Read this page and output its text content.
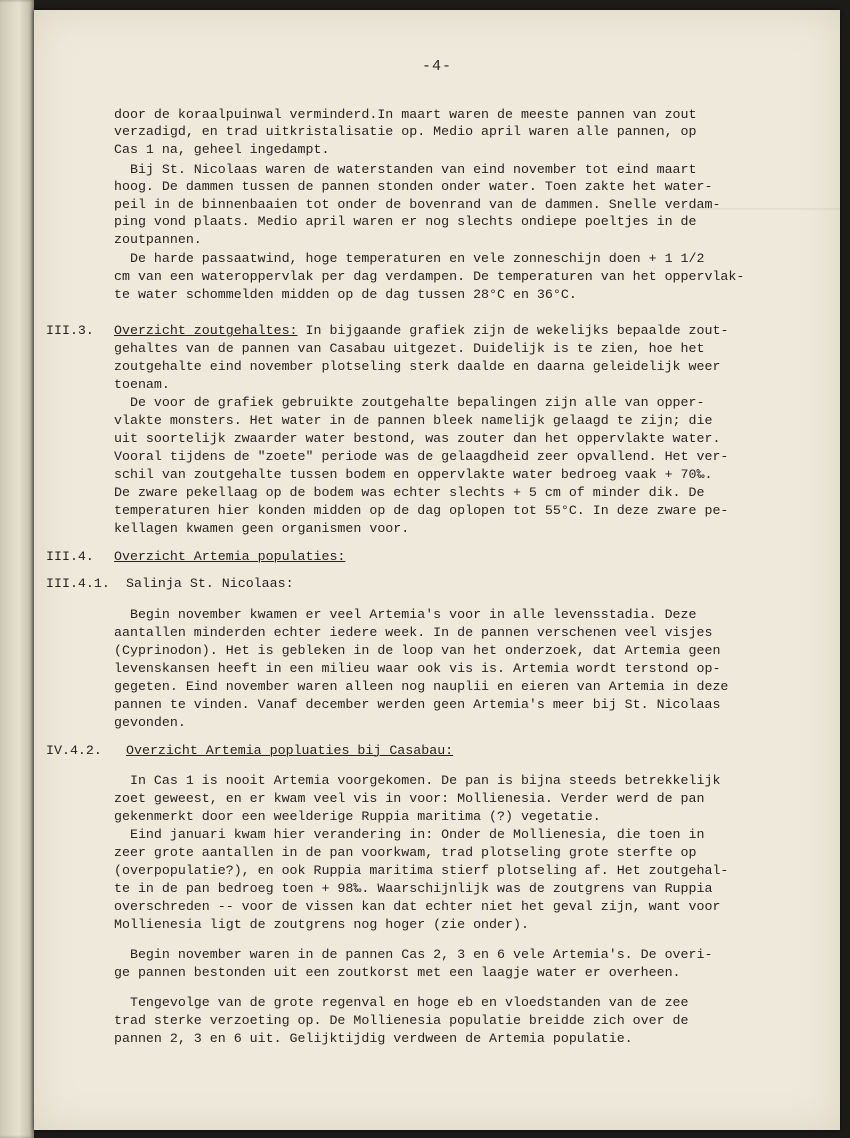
────────────────────
-4-
door de koraalpuinwal verminderd.In maart waren de meeste pannen van zout
verzadigd, en trad uitkristalisatie op. Medio april waren alle pannen, op
Cas 1 na, geheel ingedampt.
Bij St. Nicolaas waren de waterstanden van eind november tot eind maart
hoog. De dammen tussen de pannen stonden onder water. Toen zakte het water-
peil in de binnenbaaien tot onder de bovenrand van de dammen. Snelle verdam-
ping vond plaats. Medio april waren er nog slechts ondiepe poeltjes in de
zoutpannen.
De harde passaatwind, hoge temperaturen en vele zonneschijn doen + 1 1/2
cm van een wateroppervlak per dag verdampen. De temperaturen van het oppervlak-
te water schommelden midden op de dag tussen 28°C en 36°C.
III.3. Overzicht zoutgehaltes: In bijgaande grafiek zijn de wekelijks bepaalde zout-
gehaltes van de pannen van Casabau uitgezet. Duidelijk is te zien, hoe het
zoutgehalte eind november plotseling sterk daalde en daarna geleidelijk weer
toenam.
De voor de grafiek gebruikte zoutgehalte bepalingen zijn alle van opper-
vlakte monsters. Het water in de pannen bleek namelijk gelaagd te zijn; die
uit soortelijk zwaarder water bestond, was zouter dan het oppervlakte water.
Vooral tijdens de "zoete" periode was de gelaagdheid zeer opvallend. Het ver-
schil van zoutgehalte tussen bodem en oppervlakte water bedroeg vaak + 70‰.
De zware pekellaag op de bodem was echter slechts + 5 cm of minder dik. De
temperaturen hier konden midden op de dag oplopen tot 55°C. In deze zware pe-
kellagen kwamen geen organismen voor.
III.4. Overzicht Artemia populaties:
III.4.1. Salinja St. Nicolaas:
Begin november kwamen er veel Artemia's voor in alle levensstadia. Deze
aantallen minderden echter iedere week. In de pannen verschenen veel visjes
(Cyprinodon). Het is gebleken in de loop van het onderzoek, dat Artemia geen
levenskansen heeft in een milieu waar ook vis is. Artemia wordt terstond op-
gegeten. Eind november waren alleen nog nauplii en eieren van Artemia in deze
pannen te vinden. Vanaf december werden geen Artemia's meer bij St. Nicolaas
gevonden.
IV.4.2. Overzicht Artemia popluaties bij Casabau:
In Cas 1 is nooit Artemia voorgekomen. De pan is bijna steeds betrekkelijk
zoet geweest, en er kwam veel vis in voor: Mollienesia. Verder werd de pan
gekenmerkt door een weelderige Ruppia maritima (?) vegetatie.
Eind januari kwam hier verandering in: Onder de Mollienesia, die toen in
zeer grote aantallen in de pan voorkwam, trad plotseling grote sterfte op
(overpopulatie?), en ook Ruppia maritima stierf plotseling af. Het zoutgehal-
te in de pan bedroeg toen + 98‰. Waarschijnlijk was de zoutgrens van Ruppia
overschreden -- voor de vissen kan dat echter niet het geval zijn, want voor
Mollienesia ligt de zoutgrens nog hoger (zie onder).
Begin november waren in de pannen Cas 2, 3 en 6 vele Artemia's. De overi-
ge pannen bestonden uit een zoutkorst met een laagje water er overheen.
Tengevolge van de grote regenval en hoge eb en vloedstanden van de zee
trad sterke verzoeting op. De Mollienesia populatie breidde zich over de
pannen 2, 3 en 6 uit. Gelijktijdig verdween de Artemia populatie.
